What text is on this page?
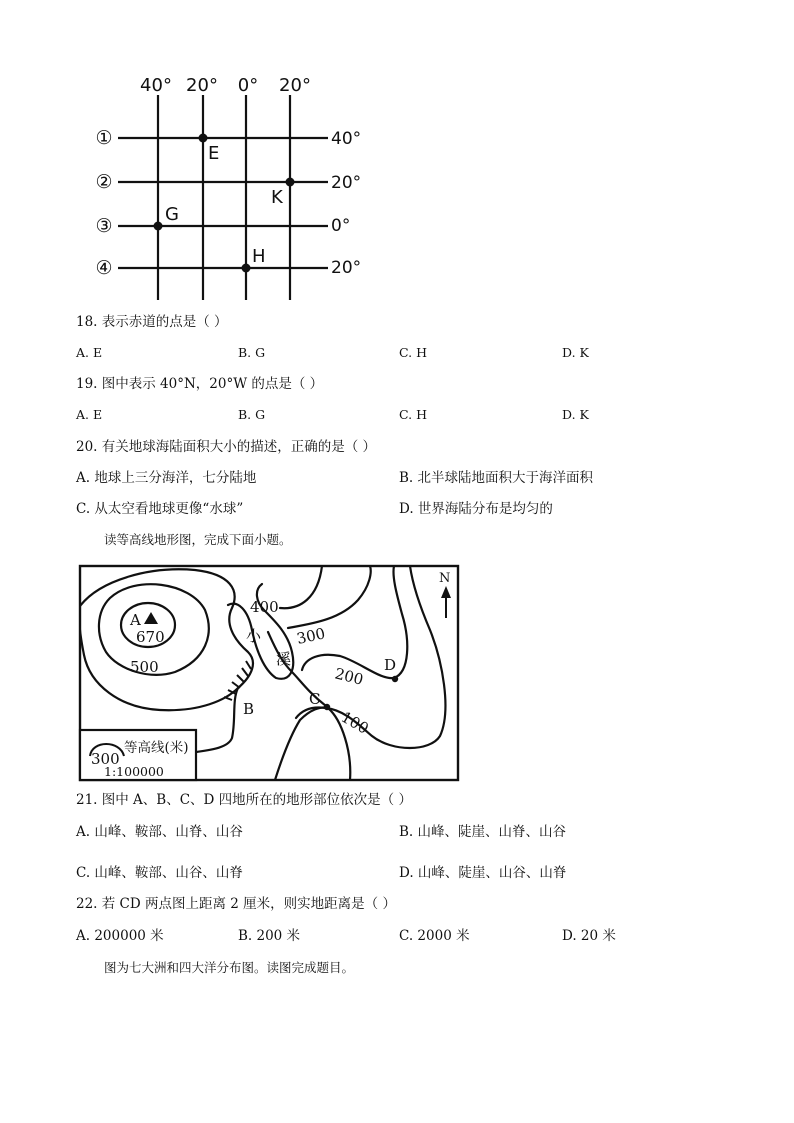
40° 20° 0° 20°
40°
20°
0°
20°
①
②
③
④
E
K
G
H
18. 表示赤道的点是（ ）
A. E	B. G	C. H	D. K
19. 图中表示 40°N，20°W 的点是（ ）
A. E	B. G	C. H	D. K
20. 有关地球海陆面积大小的描述，正确的是（ ）
A. 地球上三分海洋，七分陆地	B. 北半球陆地面积大于海洋面积
C. 从太空看地球更像“水球”	D. 世界海陆分布是均匀的
读等高线地形图，完成下面小题。
A
670
500
400
300
200
100
小
溪
B
C
D
N
300
等高线(米)
1:100000
21. 图中 A、B、C、D 四地所在的地形部位依次是（ ）
A. 山峰、鞍部、山脊、山谷	B. 山峰、陡崖、山脊、山谷
C. 山峰、鞍部、山谷、山脊	D. 山峰、陡崖、山谷、山脊
22. 若 CD 两点图上距离 2 厘米，则实地距离是（ ）
A. 200000 米	B. 200 米	C. 2000 米	D. 20 米
图为七大洲和四大洋分布图。读图完成题目。
